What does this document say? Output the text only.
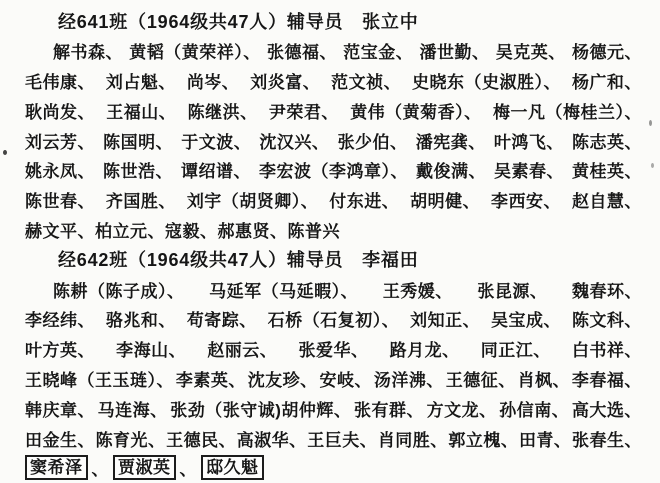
经641班（1964级共47人）辅导员　张立中
解书森、 黄韬（黄荣祥）、 张德福、 范宝金、 潘世勤、 吴克英、 杨德元、
毛伟康、 刘占魁、 尚岑、 刘炎富、 范文祯、 史晓东（史淑胜）、 杨广和、
耿尚发、 王福山、 陈继洪、 尹荣君、 黄伟（黄菊香）、 梅一凡（梅桂兰）、
刘云芳、 陈国明、 于文波、 沈汉兴、 张少伯、 潘宪龚、 叶鸿飞、 陈志英、
姚永凤、 陈世浩、 谭绍谱、 李宏波（李鸿章）、 戴俊满、 吴素春、 黄桂英、
陈世春、 齐国胜、 刘宇（胡贤卿）、 付东进、 胡明健、 李西安、 赵自慧、
赫文平、 柏立元、 寇毅、 郝惠贤、 陈普兴
经642班（1964级共47人）辅导员　李福田
陈耕（陈子成）、 马延军（马延暇）、 王秀媛、 张昆源、 魏春环、
李经纬、 骆兆和、 苟寄踪、 石桥（石复初）、 刘知正、 吴宝成、 陈文科、
叶方英、 李海山、 赵丽云、 张爱华、 路月龙、 同正江、 白书祥、
王晓峰（王玉琏）、 李素英、 沈友珍、 安岐、 汤洋沸、 王德征、 肖枫、 李春福、
韩庆章、 马连海、 张劲（张守诚)胡仲辉、 张有群、 方文龙、 孙信南、 高大选、
田金生、 陈育光、 王德民、 高淑华、 王巨夫、 肖同胜、 郭立槐、 田青、 张春生、
窦希泽 、 贾淑英 、 邸久魁
